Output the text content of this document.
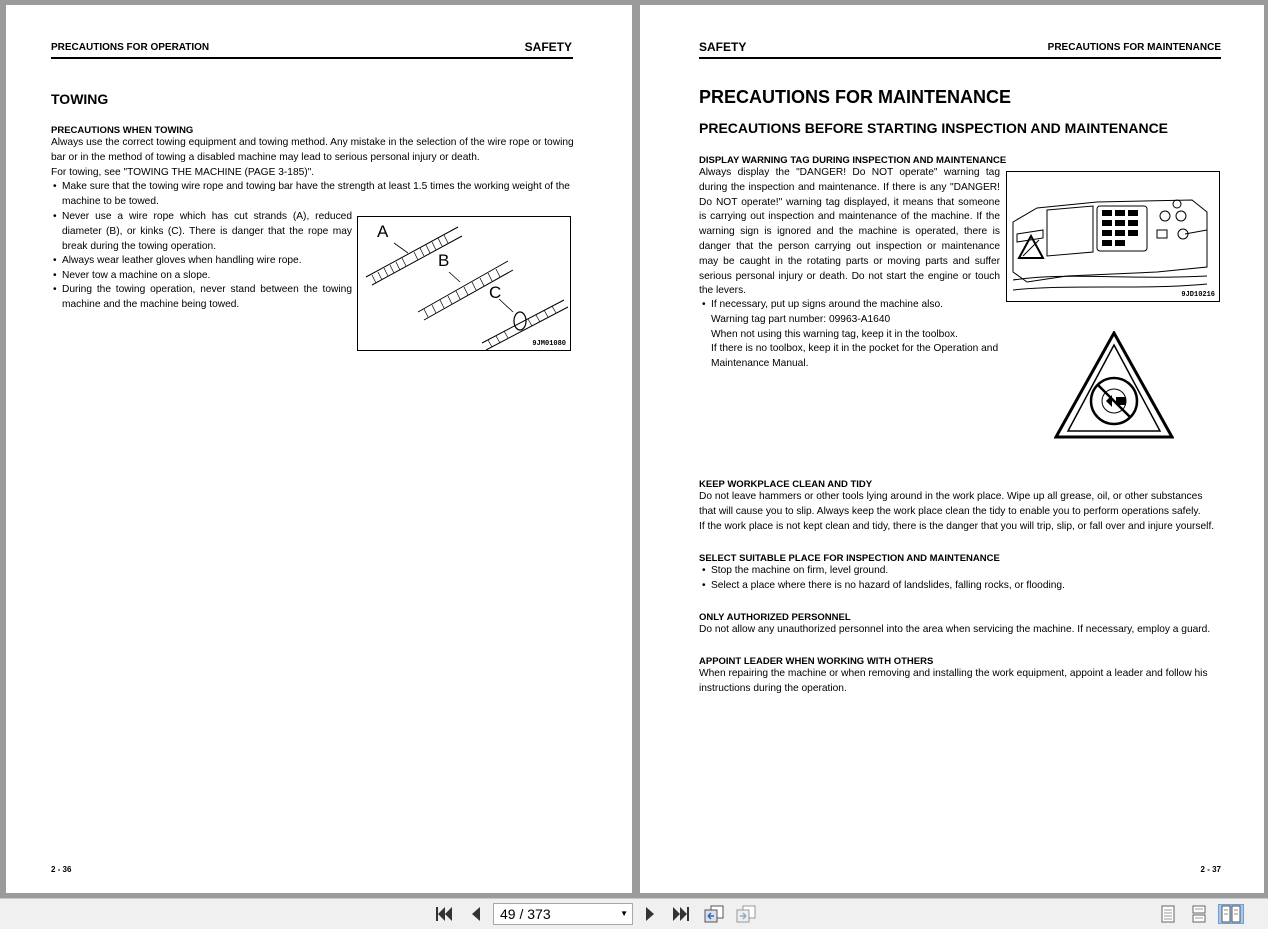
PRECAUTIONS FOR OPERATION	SAFETY
TOWING
PRECAUTIONS WHEN TOWING
Always use the correct towing equipment and towing method. Any mistake in the selection of the wire rope or towing
bar or in the method of towing a disabled machine may lead to serious personal injury or death.
For towing, see "TOWING THE MACHINE (PAGE 3-185)".
• Make sure that the towing wire rope and towing bar have the strength at least 1.5 times the working weight of the
machine to be towed.
• Never use a wire rope which has cut strands (A), reduced
diameter (B), or kinks (C). There is danger that the rope may
break during the towing operation.
• Always wear leather gloves when handling wire rope.
• Never tow a machine on a slope.
• During the towing operation, never stand between the towing
machine and the machine being towed.
A
B
C
9JM01080
2 - 36
SAFETY	PRECAUTIONS FOR MAINTENANCE
PRECAUTIONS FOR MAINTENANCE
PRECAUTIONS BEFORE STARTING INSPECTION AND MAINTENANCE
DISPLAY WARNING TAG DURING INSPECTION AND MAINTENANCE
Always display the "DANGER! Do NOT operate" warning tag
during the inspection and maintenance. If there is any "DANGER!
Do NOT operate!" warning tag displayed, it means that someone
is carrying out inspection and maintenance of the machine. If the
warning sign is ignored and the machine is operated, there is
danger that the person carrying out inspection or maintenance
may be caught in the rotating parts or moving parts and suffer
serious personal injury or death. Do not start the engine or touch
the levers.
• If necessary, put up signs around the machine also.
Warning tag part number: 09963-A1640
When not using this warning tag, keep it in the toolbox.
If there is no toolbox, keep it in the pocket for the Operation and
Maintenance Manual.
9JD10216
09963-A1640
KEEP WORKPLACE CLEAN AND TIDY
Do not leave hammers or other tools lying around in the work place. Wipe up all grease, oil, or other substances
that will cause you to slip. Always keep the work place clean the tidy to enable you to perform operations safely.
If the work place is not kept clean and tidy, there is the danger that you will trip, slip, or fall over and injure yourself.
SELECT SUITABLE PLACE FOR INSPECTION AND MAINTENANCE
• Stop the machine on firm, level ground.
• Select a place where there is no hazard of landslides, falling rocks, or flooding.
ONLY AUTHORIZED PERSONNEL
Do not allow any unauthorized personnel into the area when servicing the machine. If necessary, employ a guard.
APPOINT LEADER WHEN WORKING WITH OTHERS
When repairing the machine or when removing and installing the work equipment, appoint a leader and follow his
instructions during the operation.
2 - 37
49 / 373	▼
